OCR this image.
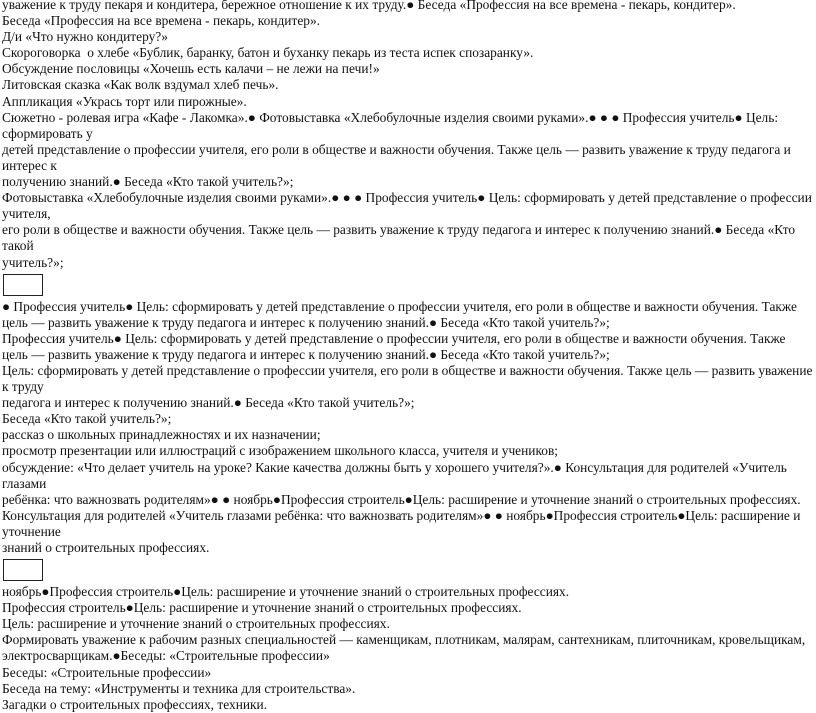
уважение к труду пекаря и кондитера, бережное отношение к их труду.● Беседа «Профессия на все времена - пекарь, кондитер».

Беседа «Профессия на все времена - пекарь, кондитер».

Д/и «Что нужно кондитеру?»

Скороговорка  о хлебе «Бублик, баранку, батон и буханку пекарь из теста испек спозаранку».

Обсуждение пословицы «Хочешь есть калачи – не лежи на печи!»

Литовская сказка «Как волк вздумал хлеб печь».

Аппликация «Укрась торт или пирожные».

Сюжетно - ролевая игра «Кафе - Лакомка».● Фотовыставка «Хлебобулочные изделия своими руками».● ● ● Профессия учитель● Цель: сформировать у

детей представление о профессии учителя, его роли в обществе и важности обучения. Также цель — развить уважение к труду педагога и интерес к

получению знаний.● Беседа «Кто такой учитель?»;

Фотовыставка «Хлебобулочные изделия своими руками».● ● ● Профессия учитель● Цель: сформировать у детей представление о профессии учителя,

его роли в обществе и важности обучения. Также цель — развить уважение к труду педагога и интерес к получению знаний.● Беседа «Кто такой

учитель?»;

● Профессия учитель● Цель: сформировать у детей представление о профессии учителя, его роли в обществе и важности обучения. Также

цель — развить уважение к труду педагога и интерес к получению знаний.● Беседа «Кто такой учитель?»;

Профессия учитель● Цель: сформировать у детей представление о профессии учителя, его роли в обществе и важности обучения. Также

цель — развить уважение к труду педагога и интерес к получению знаний.● Беседа «Кто такой учитель?»;

Цель: сформировать у детей представление о профессии учителя, его роли в обществе и важности обучения. Также цель — развить уважение к труду

педагога и интерес к получению знаний.● Беседа «Кто такой учитель?»;

Беседа «Кто такой учитель?»;

рассказ о школьных принадлежностях и их назначении;

просмотр презентации или иллюстраций с изображением школьного класса, учителя и учеников;

обсуждение: «Что делает учитель на уроке? Какие качества должны быть у хорошего учителя?».● Консультация для родителей «Учитель глазами

ребёнка: что важнозвать родителям»● ● ноябрь●Профессия строитель●Цель: расширение и уточнение знаний о строительных профессиях.

Консультация для родителей «Учитель глазами ребёнка: что важнозвать родителям»● ● ноябрь●Профессия строитель●Цель: расширение и уточнение

знаний о строительных профессиях.

ноябрь●Профессия строитель●Цель: расширение и уточнение знаний о строительных профессиях.

Профессия строитель●Цель: расширение и уточнение знаний о строительных профессиях.

Цель: расширение и уточнение знаний о строительных профессиях.

Формировать уважение к рабочим разных специальностей — каменщикам, плотникам, малярам, сантехникам, плиточникам, кровельщикам,

электросварщикам.●Беседы: «Строительные профессии»

Беседы: «Строительные профессии»

Беседа на тему: «Инструменты и техника для строительства».

Загадки о строительных профессиях, техники.
